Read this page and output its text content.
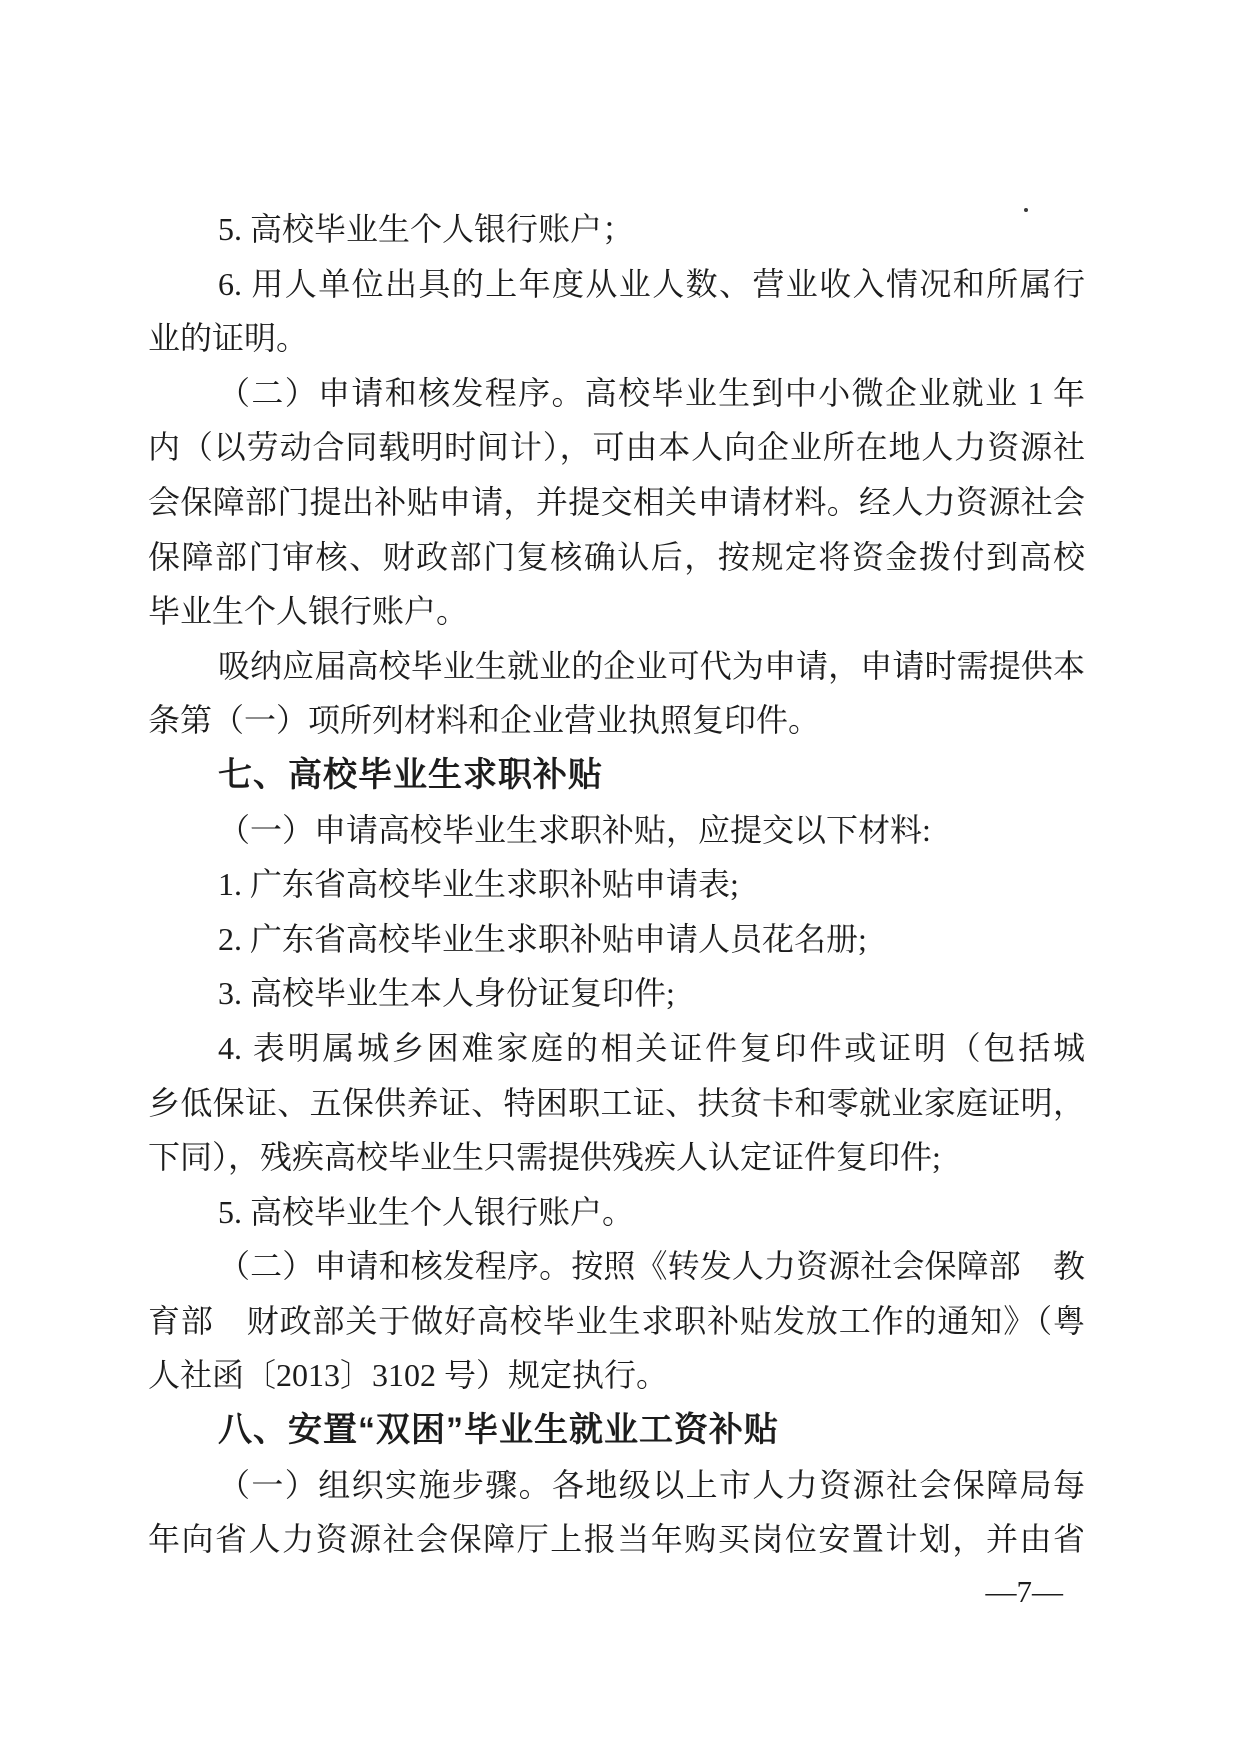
5. 高校毕业生个人银行账户；
6. 用人单位出具的上年度从业人数、营业收入情况和所属行
业的证明。
（二）申请和核发程序。高校毕业生到中小微企业就业 1 年
内（以劳动合同载明时间计），可由本人向企业所在地人力资源社
会保障部门提出补贴申请，并提交相关申请材料。经人力资源社会
保障部门审核、财政部门复核确认后，按规定将资金拨付到高校
毕业生个人银行账户。
吸纳应届高校毕业生就业的企业可代为申请，申请时需提供本
条第（一）项所列材料和企业营业执照复印件。
七、高校毕业生求职补贴
（一）申请高校毕业生求职补贴，应提交以下材料:
1. 广东省高校毕业生求职补贴申请表;
2. 广东省高校毕业生求职补贴申请人员花名册;
3. 高校毕业生本人身份证复印件;
4. 表明属城乡困难家庭的相关证件复印件或证明（包括城
乡低保证、五保供养证、特困职工证、扶贫卡和零就业家庭证明，
下同），残疾高校毕业生只需提供残疾人认定证件复印件;
5. 高校毕业生个人银行账户。
（二）申请和核发程序。按照《转发人力资源社会保障部　教
育部　财政部关于做好高校毕业生求职补贴发放工作的通知》（粤
人社函〔2013〕3102 号）规定执行。
八、安置“双困”毕业生就业工资补贴
（一）组织实施步骤。各地级以上市人力资源社会保障局每
年向省人力资源社会保障厅上报当年购买岗位安置计划，并由省
—7—
